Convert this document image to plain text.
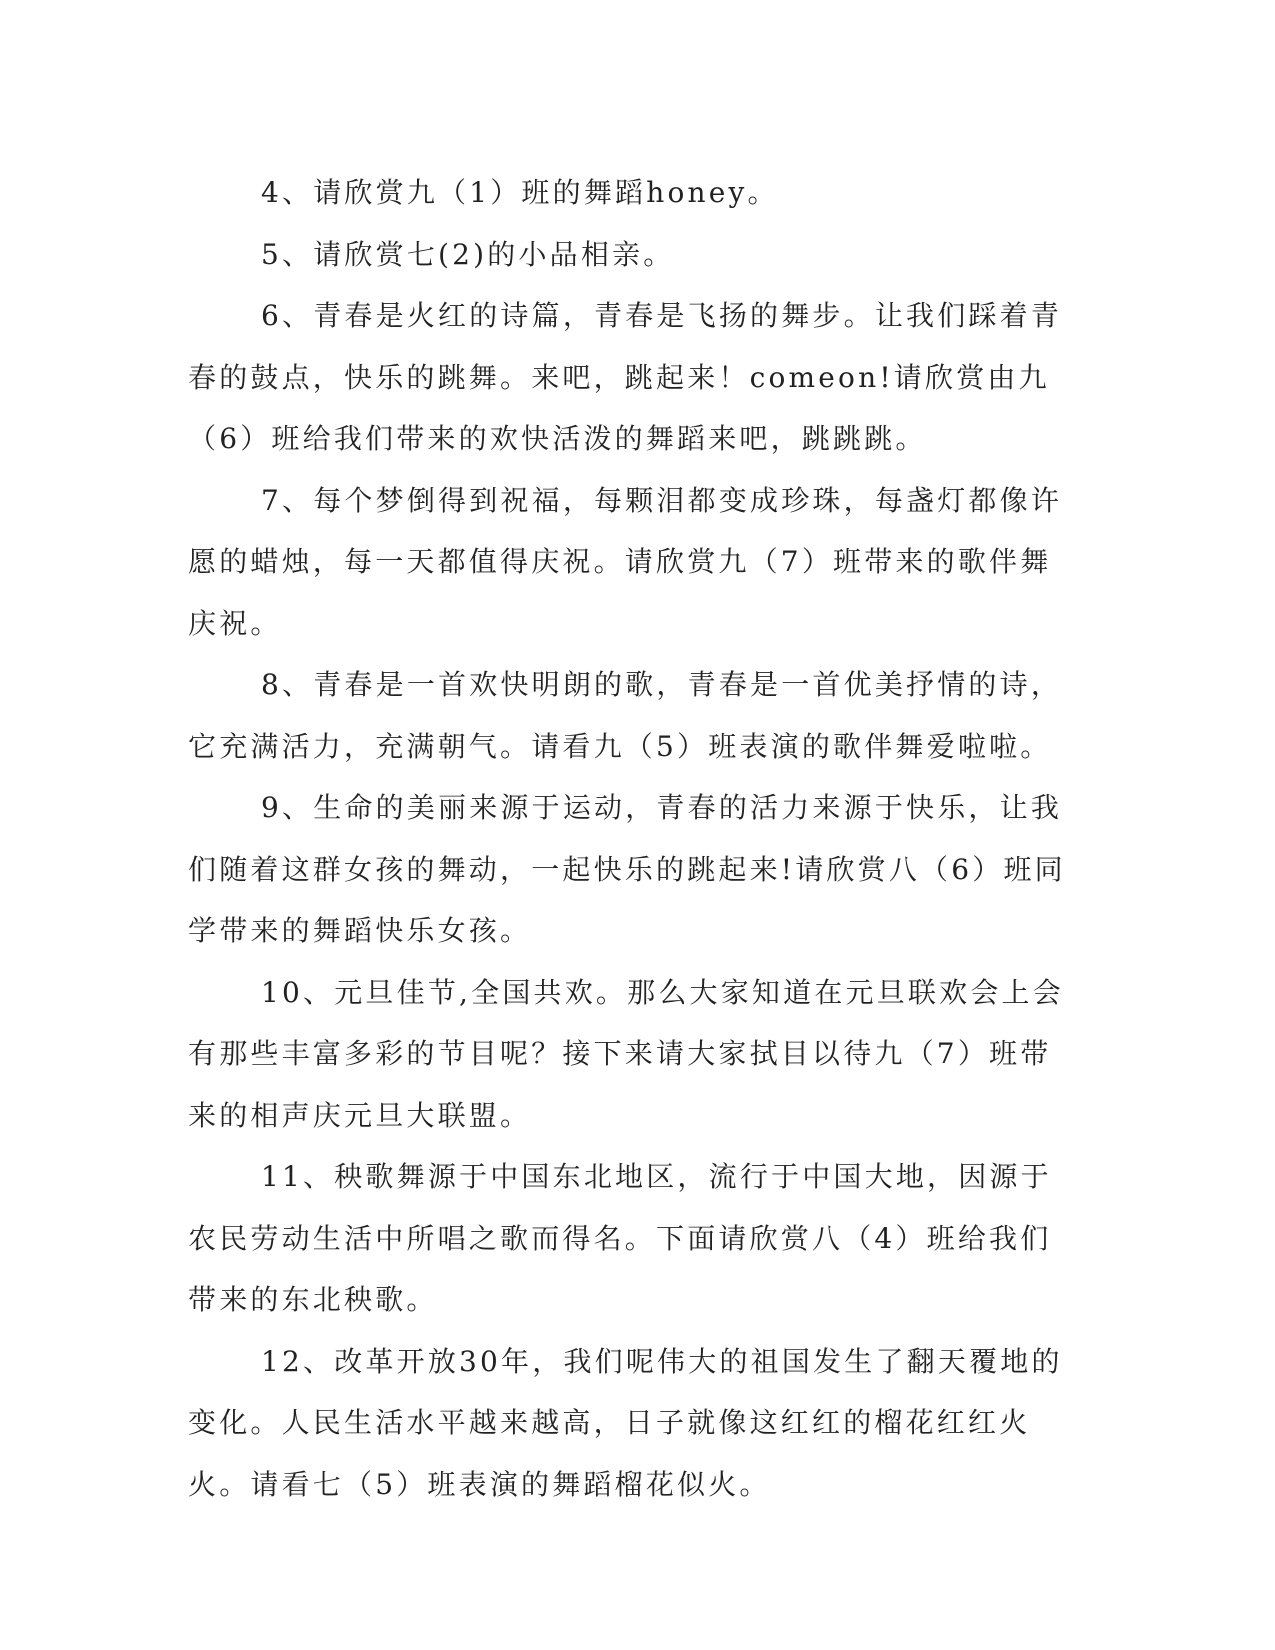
4、请欣赏九（1）班的舞蹈honey。

5、请欣赏七(2)的小品相亲。

6、青春是火红的诗篇，青春是飞扬的舞步。让我们踩着青春的鼓点，快乐的跳舞。来吧，跳起来！comeon!请欣赏由九（6）班给我们带来的欢快活泼的舞蹈来吧，跳跳跳。

7、每个梦倒得到祝福，每颗泪都变成珍珠，每盏灯都像许愿的蜡烛，每一天都值得庆祝。请欣赏九（7）班带来的歌伴舞庆祝。

8、青春是一首欢快明朗的歌，青春是一首优美抒情的诗，它充满活力，充满朝气。请看九（5）班表演的歌伴舞爱啦啦。

9、生命的美丽来源于运动，青春的活力来源于快乐，让我们随着这群女孩的舞动，一起快乐的跳起来!请欣赏八（6）班同学带来的舞蹈快乐女孩。

10、元旦佳节,全国共欢。那么大家知道在元旦联欢会上会有那些丰富多彩的节目呢？接下来请大家拭目以待九（7）班带来的相声庆元旦大联盟。

11、秧歌舞源于中国东北地区，流行于中国大地，因源于农民劳动生活中所唱之歌而得名。下面请欣赏八（4）班给我们带来的东北秧歌。

12、改革开放30年，我们呢伟大的祖国发生了翻天覆地的变化。人民生活水平越来越高，日子就像这红红的榴花红红火火。请看七（5）班表演的舞蹈榴花似火。
